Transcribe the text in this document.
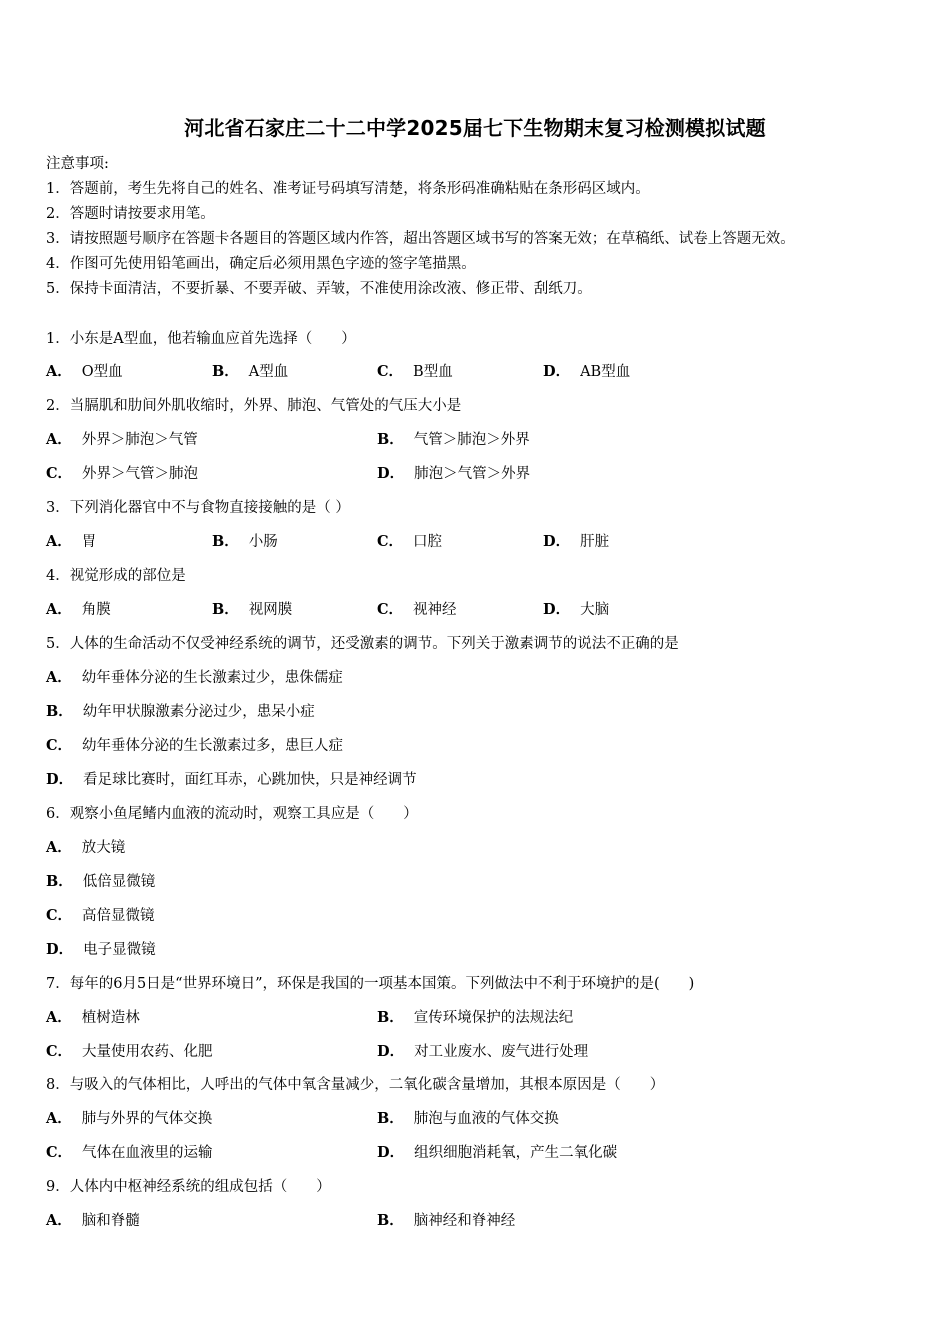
河北省石家庄二十二中学2025届七下生物期末复习检测模拟试题
注意事项:
1．答题前，考生先将自己的姓名、准考证号码填写清楚，将条形码准确粘贴在条形码区域内。
2．答题时请按要求用笔。
3．请按照题号顺序在答题卡各题目的答题区域内作答，超出答题区域书写的答案无效；在草稿纸、试卷上答题无效。
4．作图可先使用铅笔画出，确定后必须用黑色字迹的签字笔描黑。
5．保持卡面清洁，不要折暴、不要弄破、弄皱，不准使用涂改液、修正带、刮纸刀。
1．小东是A型血，他若输血应首先选择（　　）
A． O型血	B． A型血	C． B型血	D． AB型血
2．当膈肌和肋间外肌收缩时，外界、肺泡、气管处的气压大小是
A． 外界＞肺泡＞气管	B． 气管＞肺泡＞外界
C． 外界＞气管＞肺泡	D． 肺泡＞气管＞外界
3．下列消化器官中不与食物直接接触的是（ ）
A． 胃	B． 小肠	C． 口腔	D． 肝脏
4．视觉形成的部位是
A． 角膜	B． 视网膜	C． 视神经	D． 大脑
5．人体的生命活动不仅受神经系统的调节，还受激素的调节。下列关于激素调节的说法不正确的是
A． 幼年垂体分泌的生长激素过少，患侏儒症
B． 幼年甲状腺激素分泌过少，患呆小症
C． 幼年垂体分泌的生长激素过多，患巨人症
D． 看足球比赛时，面红耳赤，心跳加快，只是神经调节
6．观察小鱼尾鳍内血液的流动时，观察工具应是（　　）
A． 放大镜
B． 低倍显微镜
C． 高倍显微镜
D． 电子显微镜
7．每年的6月5日是“世界环境日”，环保是我国的一项基本国策。下列做法中不利于环境护的是(　　)
A． 植树造林	B． 宣传环境保护的法规法纪
C． 大量使用农药、化肥	D． 对工业废水、废气进行处理
8．与吸入的气体相比，人呼出的气体中氧含量减少，二氧化碳含量增加，其根本原因是（　　）
A． 肺与外界的气体交换	B． 肺泡与血液的气体交换
C． 气体在血液里的运输	D． 组织细胞消耗氧，产生二氧化碳
9．人体内中枢神经系统的组成包括（　　）
A． 脑和脊髓	B． 脑神经和脊神经
